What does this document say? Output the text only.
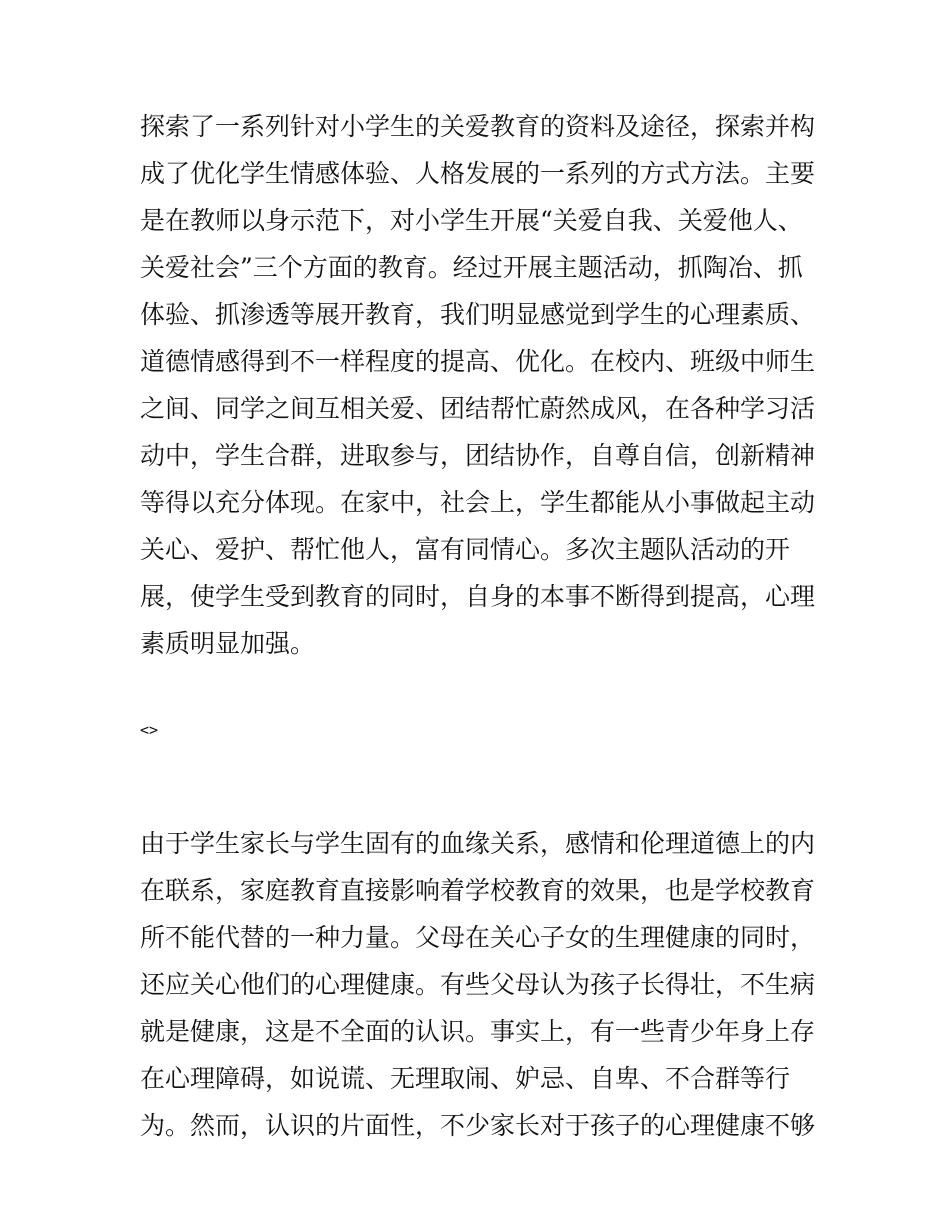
探索了一系列针对小学生的关爱教育的资料及途径，探索并构
成了优化学生情感体验、人格发展的一系列的方式方法。主要
是在教师以身示范下，对小学生开展“关爱自我、关爱他人、
关爱社会”三个方面的教育。经过开展主题活动，抓陶冶、抓
体验、抓渗透等展开教育，我们明显感觉到学生的心理素质、
道德情感得到不一样程度的提高、优化。在校内、班级中师生
之间、同学之间互相关爱、团结帮忙蔚然成风，在各种学习活
动中，学生合群，进取参与，团结协作，自尊自信，创新精神
等得以充分体现。在家中，社会上，学生都能从小事做起主动
关心、爱护、帮忙他人，富有同情心。多次主题队活动的开
展，使学生受到教育的同时，自身的本事不断得到提高，心理
素质明显加强。
<>
由于学生家长与学生固有的血缘关系，感情和伦理道德上的内
在联系，家庭教育直接影响着学校教育的效果，也是学校教育
所不能代替的一种力量。父母在关心子女的生理健康的同时，
还应关心他们的心理健康。有些父母认为孩子长得壮，不生病
就是健康，这是不全面的认识。事实上，有一些青少年身上存
在心理障碍，如说谎、无理取闹、妒忌、自卑、不合群等行
为。然而，认识的片面性，不少家长对于孩子的心理健康不够
